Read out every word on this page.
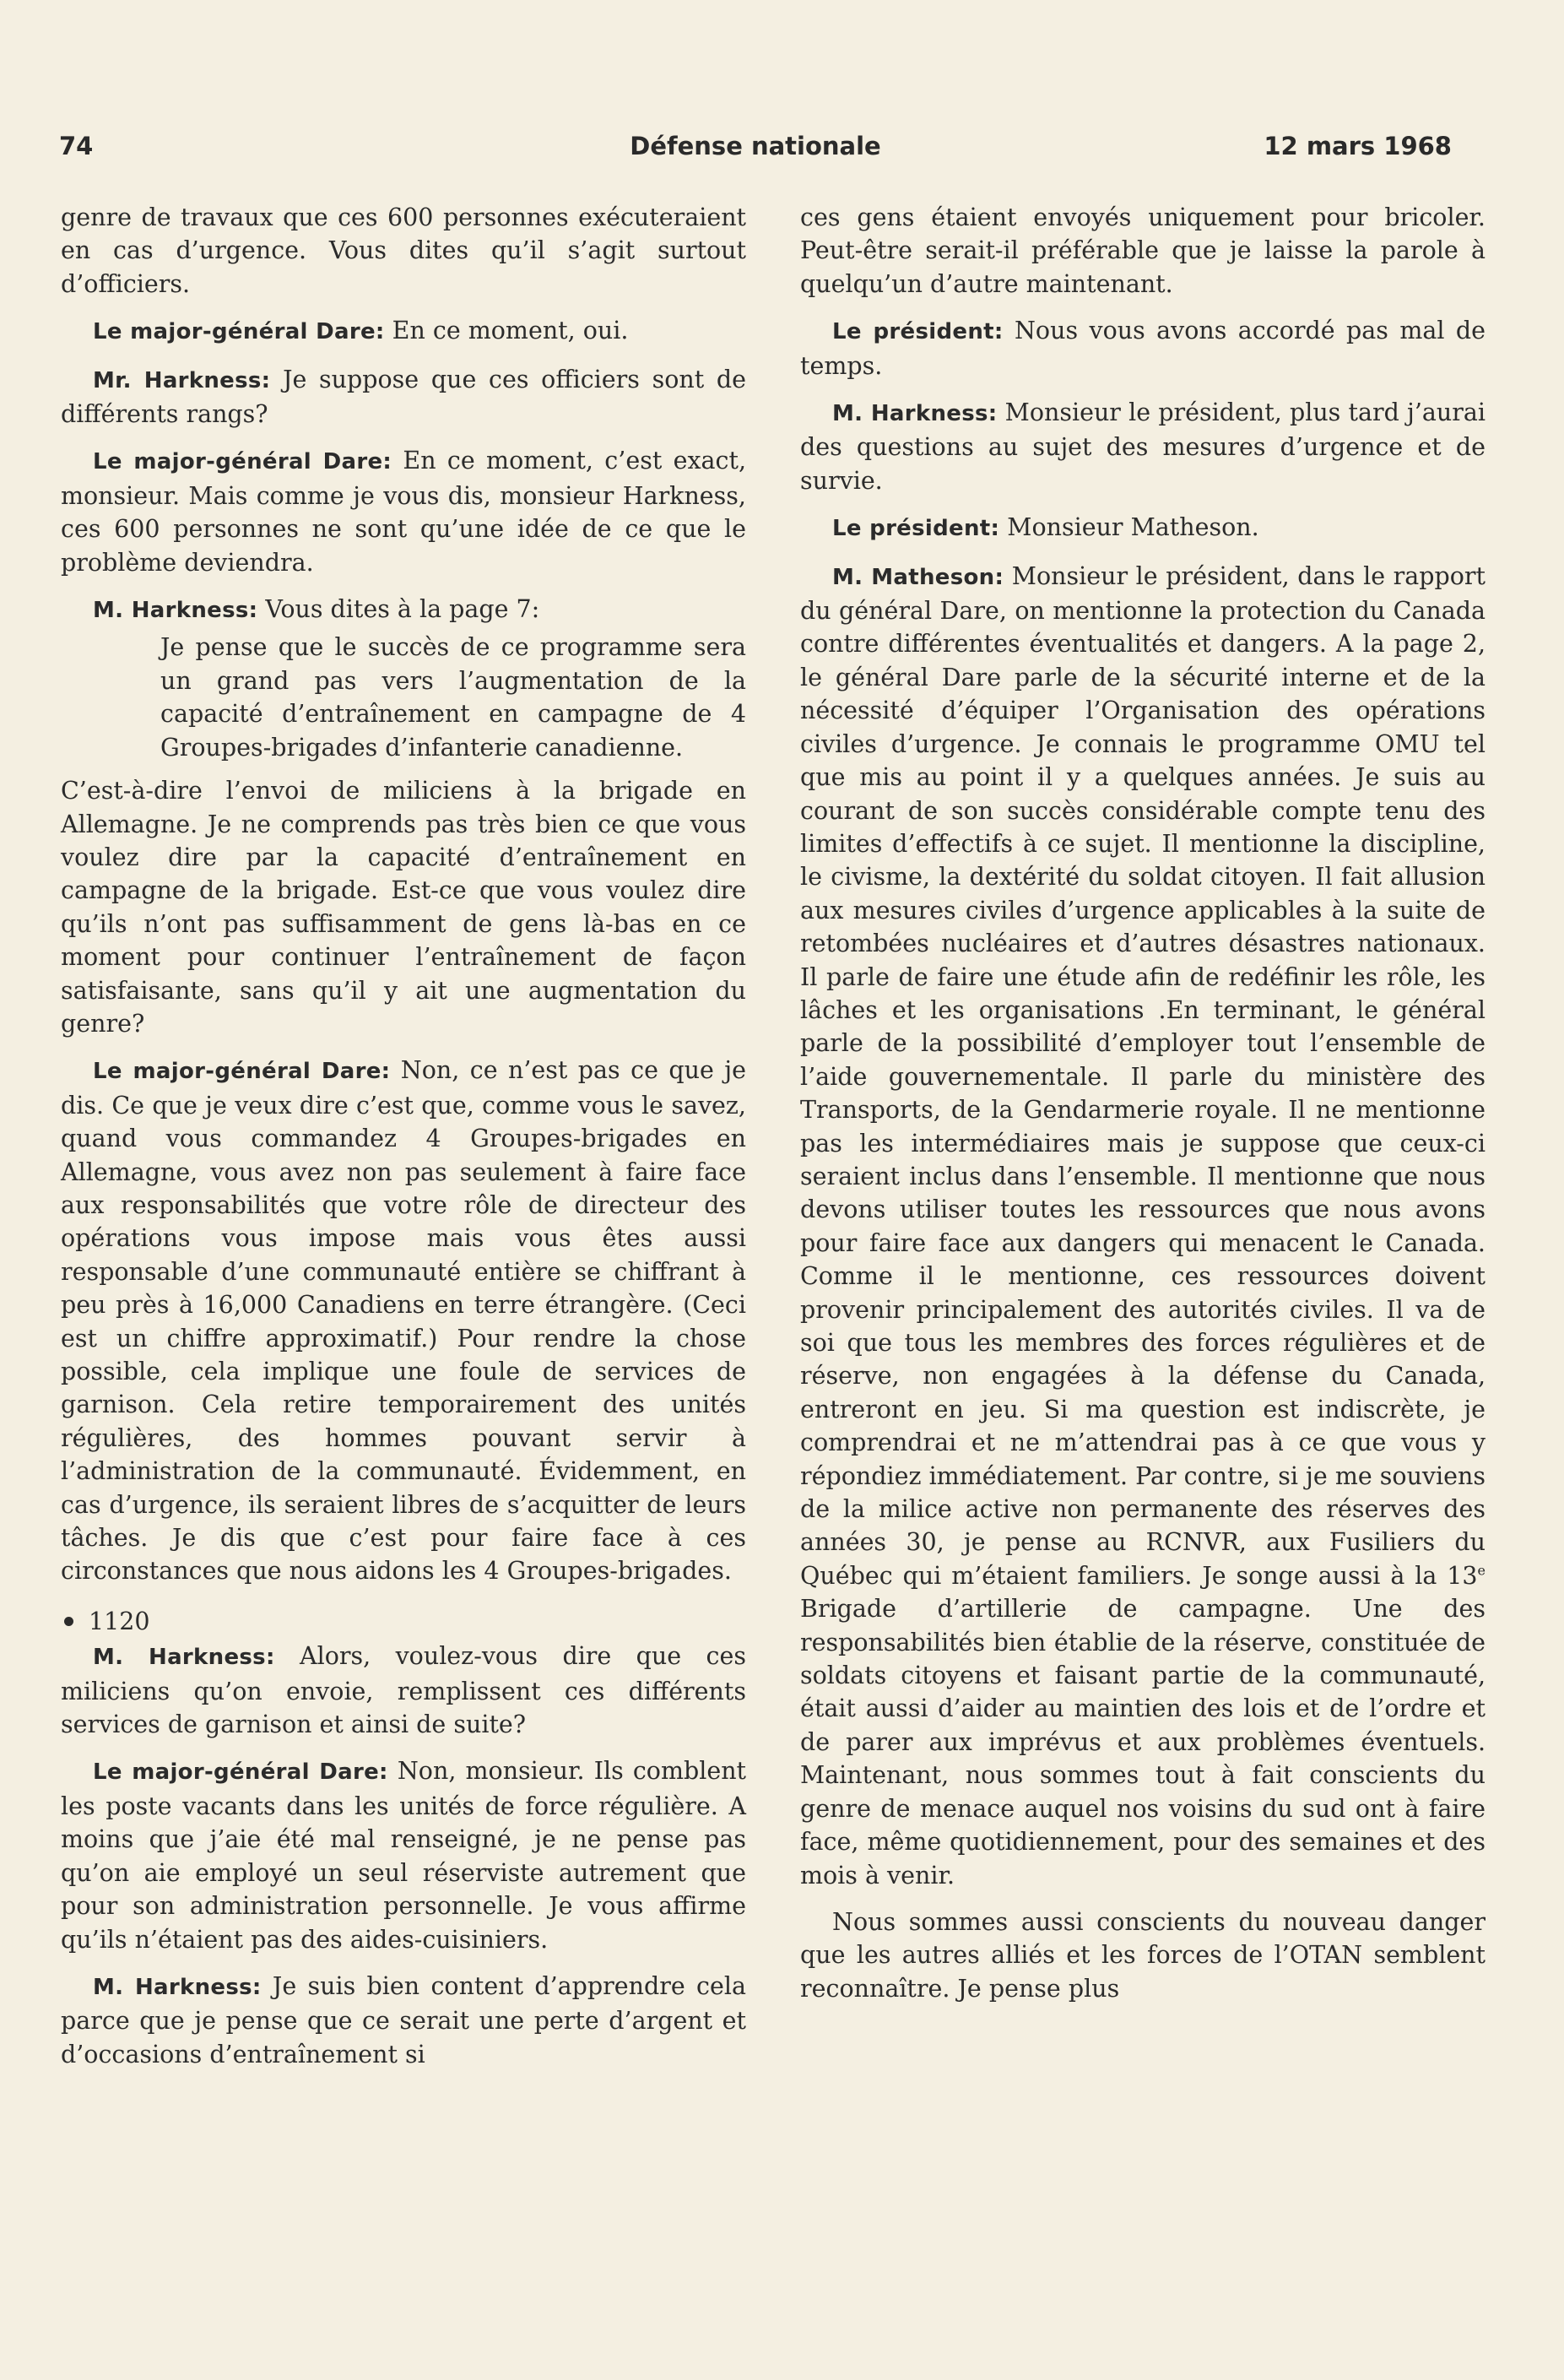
74	Défense nationale	12 mars 1968

genre de travaux que ces 600 personnes exécuteraient en cas d’urgence. Vous dites qu’il s’agit surtout d’officiers.

Le major-général Dare: En ce moment, oui.

Mr. Harkness: Je suppose que ces officiers sont de différents rangs?

Le major-général Dare: En ce moment, c’est exact, monsieur. Mais comme je vous dis, monsieur Harkness, ces 600 personnes ne sont qu’une idée de ce que le problème deviendra.

M. Harkness: Vous dites à la page 7:

Je pense que le succès de ce programme sera un grand pas vers l’augmentation de la capacité d’entraînement en campagne de 4 Groupes-brigades d’infanterie canadienne.

C’est-à-dire l’envoi de miliciens à la brigade en Allemagne. Je ne comprends pas très bien ce que vous voulez dire par la capacité d’entraînement en campagne de la brigade. Est-ce que vous voulez dire qu’ils n’ont pas suffisamment de gens là-bas en ce moment pour continuer l’entraînement de façon satisfaisante, sans qu’il y ait une augmentation du genre?

Le major-général Dare: Non, ce n’est pas ce que je dis. Ce que je veux dire c’est que, comme vous le savez, quand vous commandez 4 Groupes-brigades en Allemagne, vous avez non pas seulement à faire face aux responsabilités que votre rôle de directeur des opérations vous impose mais vous êtes aussi responsable d’une communauté entière se chiffrant à peu près à 16,000 Canadiens en terre étrangère. (Ceci est un chiffre approximatif.) Pour rendre la chose possible, cela implique une foule de services de garnison. Cela retire temporairement des unités régulières, des hommes pouvant servir à l’administration de la communauté. Évidemment, en cas d’urgence, ils seraient libres de s’acquitter de leurs tâches. Je dis que c’est pour faire face à ces circonstances que nous aidons les 4 Groupes-brigades.

1120

M. Harkness: Alors, voulez-vous dire que ces miliciens qu’on envoie, remplissent ces différents services de garnison et ainsi de suite?

Le major-général Dare: Non, monsieur. Ils comblent les poste vacants dans les unités de force régulière. A moins que j’aie été mal renseigné, je ne pense pas qu’on aie employé un seul réserviste autrement que pour son administration personnelle. Je vous affirme qu’ils n’étaient pas des aides-cuisiniers.

M. Harkness: Je suis bien content d’apprendre cela parce que je pense que ce serait une perte d’argent et d’occasions d’entraînement si

ces gens étaient envoyés uniquement pour bricoler. Peut-être serait-il préférable que je laisse la parole à quelqu’un d’autre maintenant.

Le président: Nous vous avons accordé pas mal de temps.

M. Harkness: Monsieur le président, plus tard j’aurai des questions au sujet des mesures d’urgence et de survie.

Le président: Monsieur Matheson.

M. Matheson: Monsieur le président, dans le rapport du général Dare, on mentionne la protection du Canada contre différentes éventualités et dangers. A la page 2, le général Dare parle de la sécurité interne et de la nécessité d’équiper l’Organisation des opérations civiles d’urgence. Je connais le programme OMU tel que mis au point il y a quelques années. Je suis au courant de son succès considérable compte tenu des limites d’effectifs à ce sujet. Il mentionne la discipline, le civisme, la dextérité du soldat citoyen. Il fait allusion aux mesures civiles d’urgence applicables à la suite de retombées nucléaires et d’autres désastres nationaux. Il parle de faire une étude afin de redéfinir les rôle, les lâches et les organisations .En terminant, le général parle de la possibilité d’employer tout l’ensemble de l’aide gouvernementale. Il parle du ministère des Transports, de la Gendarmerie royale. Il ne mentionne pas les intermédiaires mais je suppose que ceux-ci seraient inclus dans l’ensemble. Il mentionne que nous devons utiliser toutes les ressources que nous avons pour faire face aux dangers qui menacent le Canada. Comme il le mentionne, ces ressources doivent provenir principalement des autorités civiles. Il va de soi que tous les membres des forces régulières et de réserve, non engagées à la défense du Canada, entreront en jeu. Si ma question est indiscrète, je comprendrai et ne m’attendrai pas à ce que vous y répondiez immédiatement. Par contre, si je me souviens de la milice active non permanente des réserves des années 30, je pense au RCNVR, aux Fusiliers du Québec qui m’étaient familiers. Je songe aussi à la 13e Brigade d’artillerie de campagne. Une des responsabilités bien établie de la réserve, constituée de soldats citoyens et faisant partie de la communauté, était aussi d’aider au maintien des lois et de l’ordre et de parer aux imprévus et aux problèmes éventuels. Maintenant, nous sommes tout à fait conscients du genre de menace auquel nos voisins du sud ont à faire face, même quotidiennement, pour des semaines et des mois à venir.

Nous sommes aussi conscients du nouveau danger que les autres alliés et les forces de l’OTAN semblent reconnaître. Je pense plus
